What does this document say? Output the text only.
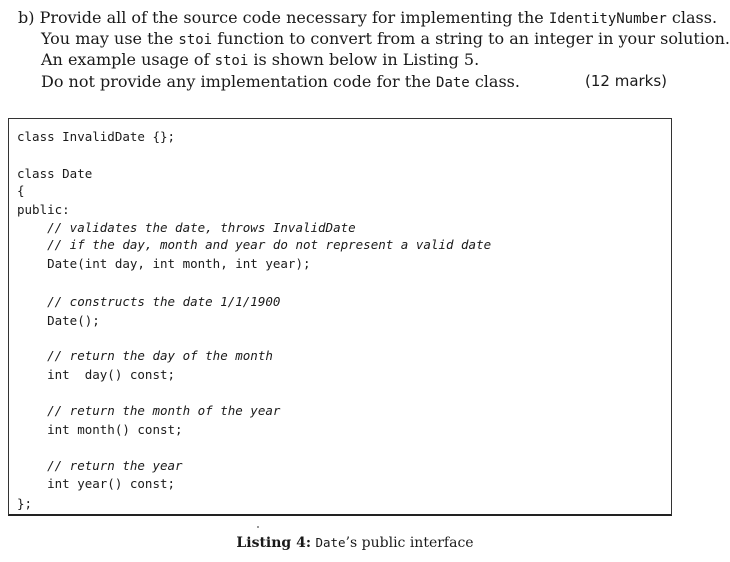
b) Provide all of the source code necessary for implementing the IdentityNumber class.
You may use the stoi function to convert from a string to an integer in your solution.
An example usage of stoi is shown below in Listing 5.
Do not provide any implementation code for the Date class.	(12 marks)
class InvalidDate {};
class Date
{
public:
// validates the date, throws InvalidDate
// if the day, month and year do not represent a valid date
Date(int day, int month, int year);
// constructs the date 1/1/1900
Date();
// return the day of the month
int  day() const;
// return the month of the year
int month() const;
// return the year
int year() const;
};
Listing 4: Date’s public interface
